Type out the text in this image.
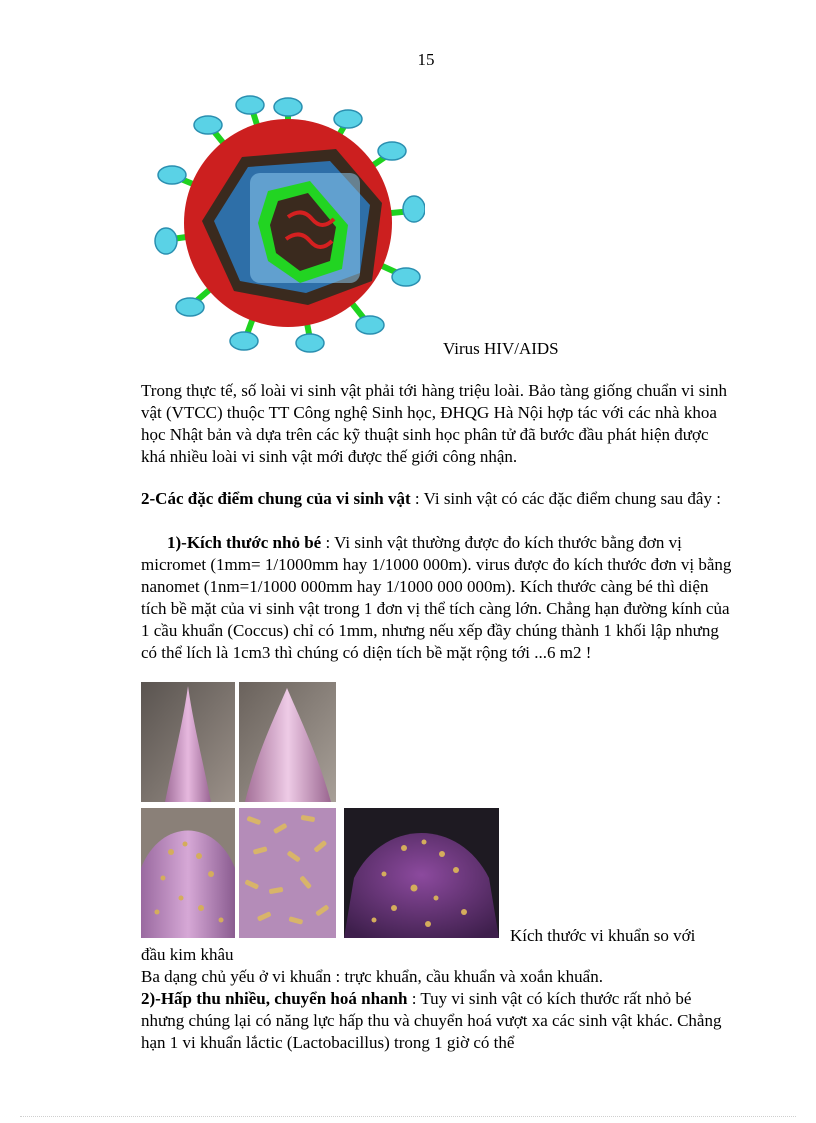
15
Virus HIV/AIDS
Trong thực tế, số loài vi sinh vật phải tới hàng triệu loài. Bảo tàng giống chuẩn vi sinh vật (VTCC) thuộc TT Công nghệ Sinh học, ĐHQG Hà Nội hợp tác với các nhà khoa học Nhật bản và dựa trên các kỹ thuật sinh học phân tử đã bước đầu phát hiện được khá nhiều loài vi sinh vật mới được thế giới công nhận.
2-Các đặc điểm chung của vi sinh vật : Vi sinh vật có các đặc điểm chung sau đây :
1)-Kích thước nhỏ bé : Vi sinh vật thường được đo kích thước bằng đơn vị micromet (1mm= 1/1000mm hay 1/1000 000m). virus được đo kích thước đơn vị bằng nanomet (1nm=1/1000 000mm hay 1/1000 000 000m). Kích thước càng bé thì diện tích bề mặt của vi sinh vật trong 1 đơn vị thể tích càng lớn. Chẳng hạn đường kính của 1 cầu khuẩn (Coccus) chỉ có 1mm, nhưng nếu xếp đầy chúng thành 1 khối lập nhưng có thể lích là 1cm3 thì chúng có diện tích bề mặt rộng tới ...6 m2 !
Kích thước vi khuẩn so với
đầu kim khâu
Ba dạng chủ yếu ở vi khuẩn : trực khuẩn, cầu khuẩn và xoắn khuẩn.
2)-Hấp thu nhiều, chuyển hoá nhanh : Tuy vi sinh vật có kích thước rất nhỏ bé nhưng chúng lại có năng lực hấp thu và chuyển hoá vượt xa các sinh vật khác. Chẳng hạn 1 vi khuẩn lắctic (Lactobacillus) trong 1 giờ có thể
